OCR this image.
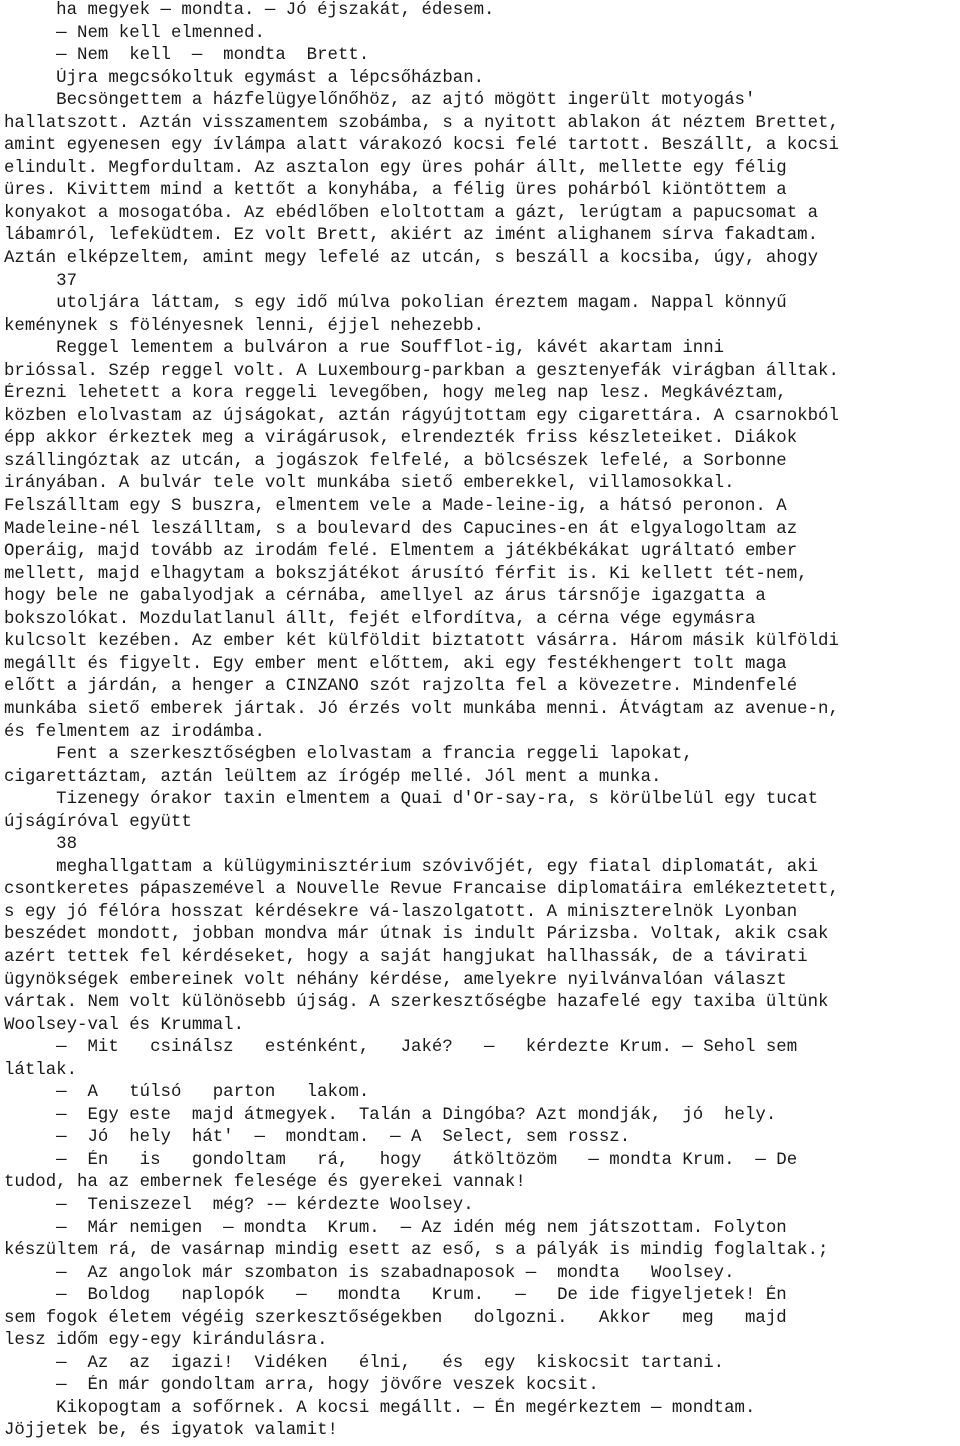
ha megyek — mondta. — Jó éjszakát, édesem.
— Nem kell elmenned.
— Nem  kell  —  mondta  Brett.
Újra megcsókoltuk egymást a lépcsőházban.
Becsöngettem a házfelügyelőnőhöz, az ajtó mögött ingerült motyogás'
hallatszott. Aztán visszamentem szobámba, s a nyitott ablakon át néztem Brettet,
amint egyenesen egy ívlámpa alatt várakozó kocsi felé tartott. Beszállt, a kocsi
elindult. Megfordultam. Az asztalon egy üres pohár állt, mellette egy félig
üres. Kivittem mind a kettőt a konyhába, a félig üres pohárból kiöntöttem a
konyakot a mosogatóba. Az ebédlőben eloltottam a gázt, lerúgtam a papucsomat a
lábamról, lefeküdtem. Ez volt Brett, akiért az imént alighanem sírva fakadtam.
Aztán elképzeltem, amint megy lefelé az utcán, s beszáll a kocsiba, úgy, ahogy
37
utoljára láttam, s egy idő múlva pokolian éreztem magam. Nappal könnyű
keménynek s fölényesnek lenni, éjjel nehezebb.
Reggel lementem a bulváron a rue Soufflot-ig, kávét akartam inni
brióssal. Szép reggel volt. A Luxembourg-parkban a gesztenyefák virágban álltak.
Érezni lehetett a kora reggeli levegőben, hogy meleg nap lesz. Megkávéztam,
közben elolvastam az újságokat, aztán rágyújtottam egy cigarettára. A csarnokból
épp akkor érkeztek meg a virágárusok, elrendezték friss készleteiket. Diákok
szállingóztak az utcán, a jogászok felfelé, a bölcsészek lefelé, a Sorbonne
irányában. A bulvár tele volt munkába siető emberekkel, villamosokkal.
Felszálltam egy S buszra, elmentem vele a Made-leine-ig, a hátsó peronon. A
Madeleine-nél leszálltam, s a boulevard des Capucines-en át elgyalogoltam az
Operáig, majd tovább az irodám felé. Elmentem a játékbékákat ugráltató ember
mellett, majd elhagytam a bokszjátékot árusító férfit is. Ki kellett tét-nem,
hogy bele ne gabalyodjak a cérnába, amellyel az árus társnője igazgatta a
bokszolókat. Mozdulatlanul állt, fejét elfordítva, a cérna vége egymásra
kulcsolt kezében. Az ember két külföldit biztatott vásárra. Három másik külföldi
megállt és figyelt. Egy ember ment előttem, aki egy festékhengert tolt maga
előtt a járdán, a henger a CINZANO szót rajzolta fel a kövezetre. Mindenfelé
munkába siető emberek jártak. Jó érzés volt munkába menni. Átvágtam az avenue-n,
és felmentem az irodámba.
Fent a szerkesztőségben elolvastam a francia reggeli lapokat,
cigarettáztam, aztán leültem az írógép mellé. Jól ment a munka.
Tizenegy órakor taxin elmentem a Quai d'Or-say-ra, s körülbelül egy tucat
újságíróval együtt
38
meghallgattam a külügyminisztérium szóvivőjét, egy fiatal diplomatát, aki
csontkeretes pápaszemével a Nouvelle Revue Francaise diplomatáira emlékeztetett,
s egy jó félóra hosszat kérdésekre vá-laszolgatott. A miniszterelnök Lyonban
beszédet mondott, jobban mondva már útnak is indult Párizsba. Voltak, akik csak
azért tettek fel kérdéseket, hogy a saját hangjukat hallhassák, de a távirati
ügynökségek embereinek volt néhány kérdése, amelyekre nyilvánvalóan választ
vártak. Nem volt különösebb újság. A szerkesztőségbe hazafelé egy taxiba ültünk
Woolsey-val és Krummal.
—  Mit   csinálsz   esténként,   Jaké?   —   kérdezte Krum. — Sehol sem
látlak.
—  A   túlsó   parton   lakom.
—  Egy este  majd átmegyek.  Talán a Dingóba? Azt mondják,  jó  hely.
—  Jó  hely  hát'  —  mondtam.  — A  Select, sem rossz.
—  Én   is   gondoltam   rá,   hogy   átköltözöm   — mondta Krum.  — De
tudod, ha az embernek felesége és gyerekei vannak!
—  Teniszezel  még? -— kérdezte Woolsey.
—  Már nemigen  — mondta  Krum.  — Az idén még nem játszottam. Folyton
készültem rá, de vasárnap mindig esett az eső, s a pályák is mindig foglaltak.;
—  Az angolok már szombaton is szabadnaposok —  mondta   Woolsey.
—  Boldog   naplopók   —   mondta   Krum.   —   De ide figyeljetek! Én
sem fogok életem végéig szerkesztőségekben   dolgozni.   Akkor   meg   majd
lesz időm egy-egy kirándulásra.
—  Az  az  igazi!  Vidéken   élni,   és  egy  kiskocsit tartani.
—  Én már gondoltam arra, hogy jövőre veszek kocsit.
Kikopogtam a sofőrnek. A kocsi megállt. — Én megérkeztem — mondtam.
Jöjjetek be, és igyatok valamit!
